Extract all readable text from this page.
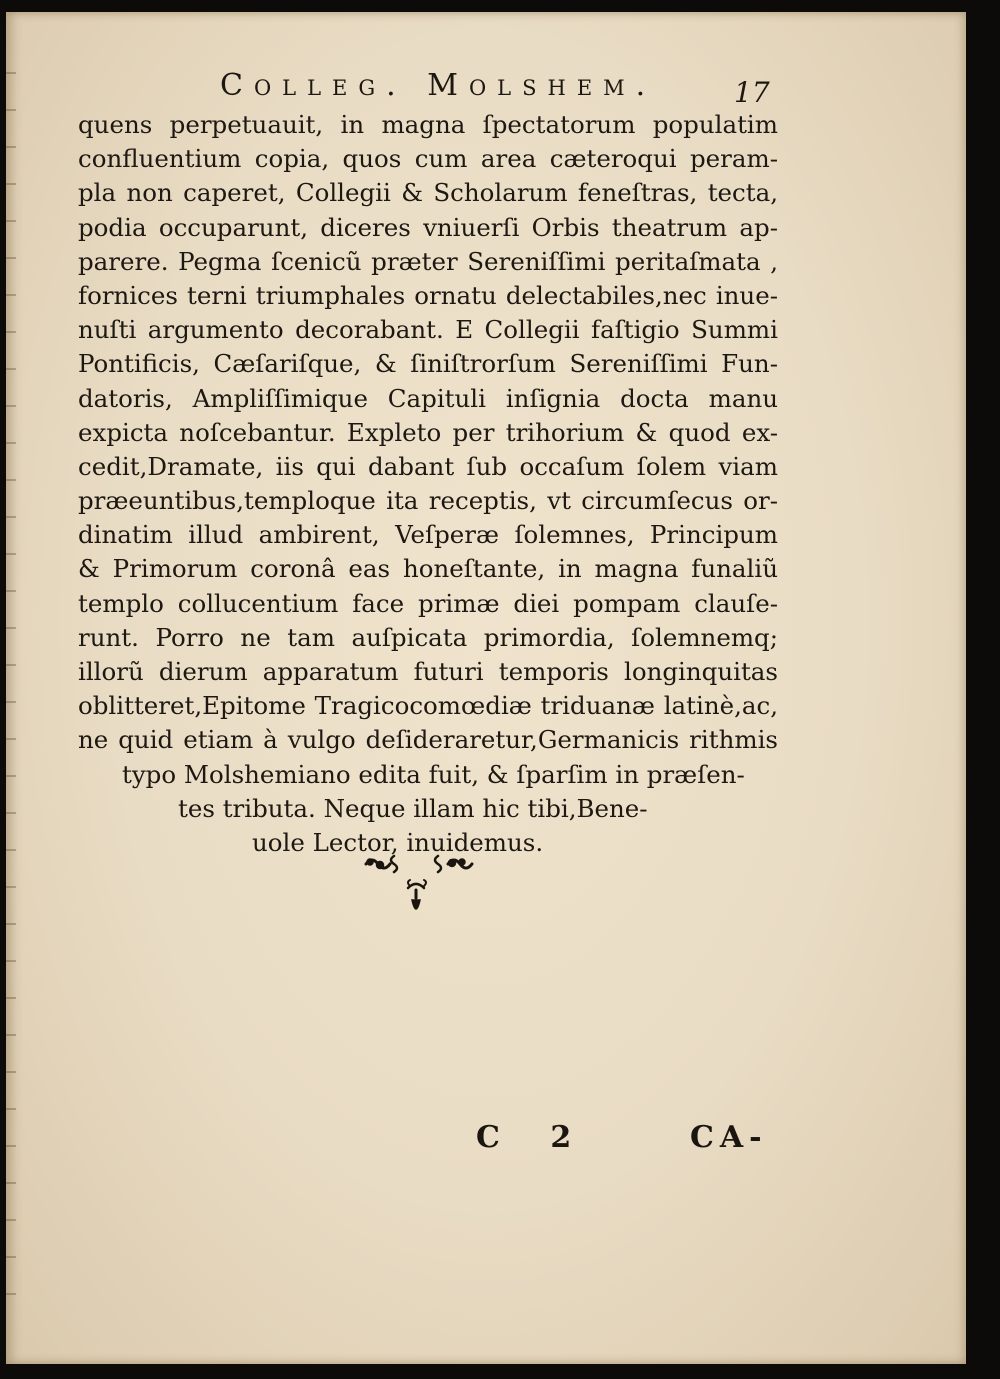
Colleg. Molshem.	17
quens perpetuauit, in magna ſpectatorum populatim
confluentium copia, quos cum area cæteroqui peram-
pla non caperet, Collegii & Scholarum feneſtras, tecta,
podia occuparunt, diceres vniuerſi Orbis theatrum ap-
parere. Pegma ſcenicũ præter Sereniſſimi peritaſmata ,
fornices terni triumphales ornatu delectabiles,nec inue-
nuſti argumento decorabant. E Collegii faſtigio Summi
Pontificis, Cæſariſque, & ſiniſtrorſum Sereniſſimi Fun-
datoris, Ampliſſimique Capituli inſignia docta manu
expicta noſcebantur. Expleto per trihorium & quod ex-
cedit,Dramate, iis qui dabant ſub occaſum ſolem viam
præeuntibus,temploque ita receptis, vt circumſecus or-
dinatim illud ambirent, Veſperæ ſolemnes, Principum
& Primorum coronâ eas honeſtante, in magna funaliũ
templo collucentium face primæ diei pompam clauſe-
runt. Porro ne tam auſpicata primordia, ſolemnemq;
illorũ dierum apparatum futuri temporis longinquitas
oblitteret,Epitome Tragicocomœdiæ triduanæ latinè,ac,
ne quid etiam à vulgo deſideraretur,Germanicis rithmis
typo Molshemiano edita fuit, & ſparſim in præſen-
tes tributa. Neque illam hic tibi,Bene-
uole Lector, inuidemus.
C 2	CA-
